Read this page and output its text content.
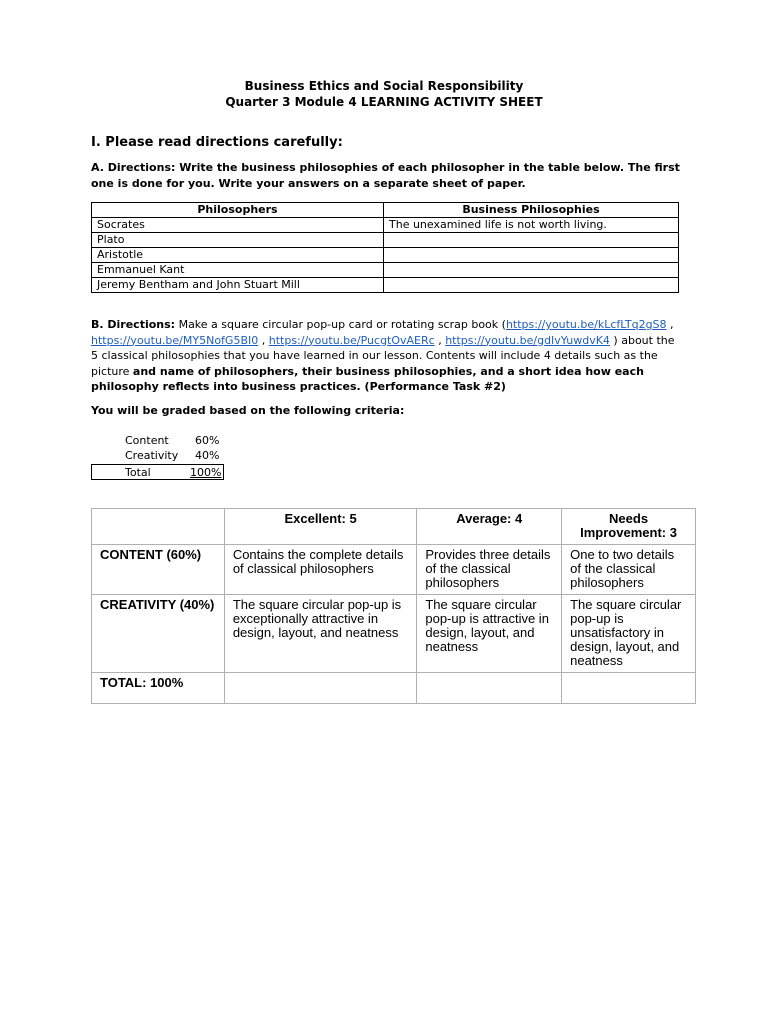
Business Ethics and Social Responsibility
Quarter 3 Module 4 LEARNING ACTIVITY SHEET
I. Please read directions carefully:
A. Directions: Write the business philosophies of each philosopher in the table below. The first one is done for you. Write your answers on a separate sheet of paper.
Philosophers	Business Philosophies
Socrates	The unexamined life is not worth living.
Plato	
Aristotle	
Emmanuel Kant	
Jeremy Bentham and John Stuart Mill	
B. Directions: Make a square circular pop-up card or rotating scrap book (https://youtu.be/kLcfLTq2gS8 , https://youtu.be/MY5NofG5BI0 , https://youtu.be/PucgtOvAERc , https://youtu.be/gdIvYuwdvK4 ) about the 5 classical philosophies that you have learned in our lesson. Contents will include 4 details such as the picture and name of philosophers, their business philosophies, and a short idea how each philosophy reflects into business practices. (Performance Task #2)
You will be graded based on the following criteria:
Content 60%
Creativity 40%
Total	100%
	Excellent: 5	Average: 4	Needs Improvement: 3
CONTENT (60%)	Contains the complete details of classical philosophers	Provides three details of the classical philosophers	One to two details of the classical philosophers
CREATIVITY (40%)	The square circular pop-up is exceptionally attractive in design, layout, and neatness	The square circular pop-up is attractive in design, layout, and neatness	The square circular pop-up is unsatisfactory in design, layout, and neatness
TOTAL: 100%			
